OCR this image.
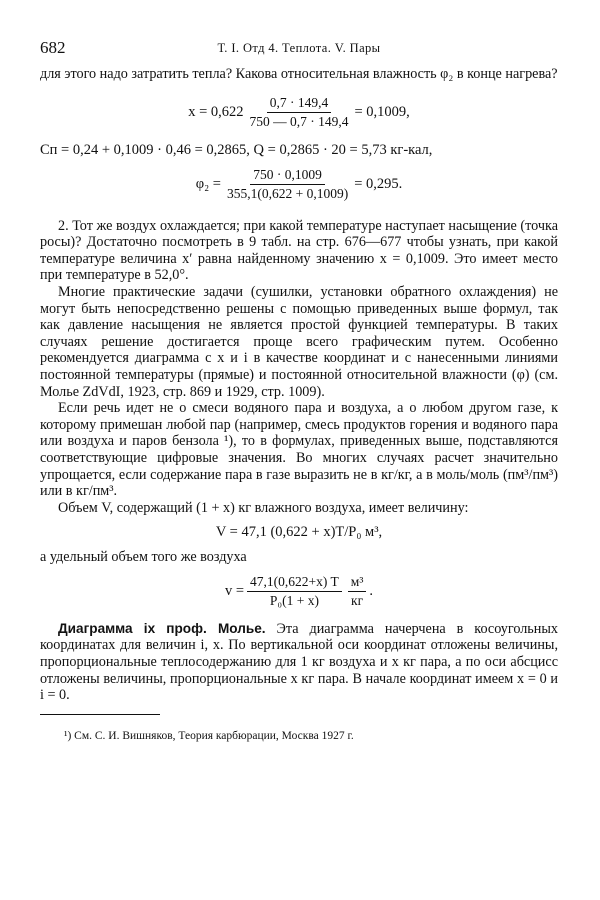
682	Т. I. Отд 4. Теплота. V. Пары

для этого надо затратить тепла? Какова относительная влажность φ₂ в конце нагрева?

$x = 0,622 \frac{0,7 \cdot 149,4}{750 — 0,7 \cdot 149,4} = 0,1009$,
Cп = 0,24 + 0,1009 · 0,46 = 0,2865, Q = 0,2865 · 20 = 5,73 кг-кал,
$\varphi_2 = \frac{750 \cdot 0,1009}{355,1(0,622 + 0,1009)} = 0,295$.

2. Тот же воздух охлаждается; при какой температуре наступает насыщение (точка росы)? Достаточно посмотреть в 9 табл. на стр. 676—677 чтобы узнать, при какой температуре величина x′ равна найденному значению x = 0,1009. Это имеет место при температуре в 52,0°.

Многие практические задачи (сушилки, установки обратного охлаждения) не могут быть непосредственно решены с помощью приведенных выше формул, так как давление насыщения не является простой функцией температуры. В таких случаях решение достигается проще всего графическим путем. Особенно рекомендуется диаграмма с x и i в качестве координат и с нанесенными линиями постоянной температуры (прямые) и постоянной относительной влажности (φ) (см. Молье ZdVdI, 1923, стр. 869 и 1929, стр. 1009).

Если речь идет не о смеси водяного пара и воздуха, а о любом другом газе, к которому примешан любой пар (например, смесь продуктов горения и водяного пара или воздуха и паров бензола ¹), то в формулах, приведенных выше, подставляются соответствующие цифровые значения. Во многих случаях расчет значительно упрощается, если содержание пара в газе выразить не в кг/кг, а в моль/моль (пм³/пм³) или в кг/пм³.

Объем V, содержащий (1 + x) кг влажного воздуха, имеет величину:

V = 47,1 (0,622 + x)T/P₀ м³,

а удельный объем того же воздуха

$v = \frac{47,1(0,622+x) T}{\text{P₀(1 + x)}} \frac{\text{м³}}{кг}$ .

Диаграмма ix проф. Молье. Эта диаграмма начерчена в косоугольных координатах для величин i, x. По вертикальной оси координат отложены величины, пропорциональные теплосодержанию для 1 кг воздуха и x кг пара, а по оси абсцисс отложены величины, пропорциональные x кг пара. В начале координат имеем x = 0 и i = 0.

¹) См. С. И. Вишняков, Теория карбюрации, Москва 1927 г.
